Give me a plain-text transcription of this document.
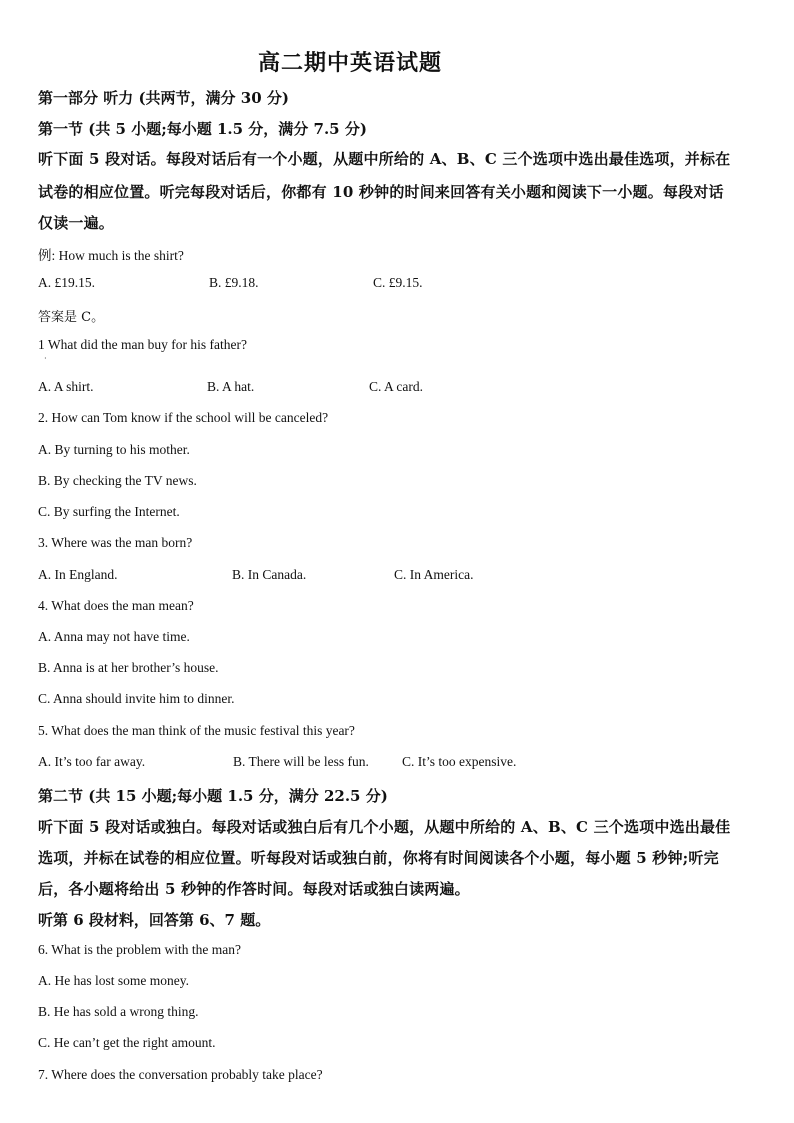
高二期中英语试题
第一部分 听力 (共两节，满分 30 分)
第一节 (共 5 小题;每小题 1.5 分，满分 7.5 分)
听下面 5 段对话。每段对话后有一个小题，从题中所给的 A、B、C 三个选项中选出最佳选项，并标在
试卷的相应位置。听完每段对话后，你都有 10 秒钟的时间来回答有关小题和阅读下一小题。每段对话
仅读一遍。
例: How much is the shirt?
A. £19.15.	B. £9.18.	C. £9.15.
答案是 C。
1 What did the man buy for his father?
·
A. A shirt.	B. A hat.	C. A card.
2. How can Tom know if the school will be canceled?
A. By turning to his mother.
B. By checking the TV news.
C. By surfing the Internet.
3. Where was the man born?
A. In England.	B. In Canada.	C. In America.
4. What does the man mean?
A. Anna may not have time.
B. Anna is at her brother’s house.
C. Anna should invite him to dinner.
5. What does the man think of the music festival this year?
A. It’s too far away.	B. There will be less fun. C. It’s too expensive.
第二节 (共 15 小题;每小题 1.5 分，满分 22.5 分)
听下面 5 段对话或独白。每段对话或独白后有几个小题，从题中所给的 A、B、C 三个选项中选出最佳
选项，并标在试卷的相应位置。听每段对话或独白前，你将有时间阅读各个小题，每小题 5 秒钟;听完
后，各小题将给出 5 秒钟的作答时间。每段对话或独白读两遍。
听第 6 段材料，回答第 6、7 题。
6. What is the problem with the man?
A. He has lost some money.
B. He has sold a wrong thing.
C. He can’t get the right amount.
7. Where does the conversation probably take place?
